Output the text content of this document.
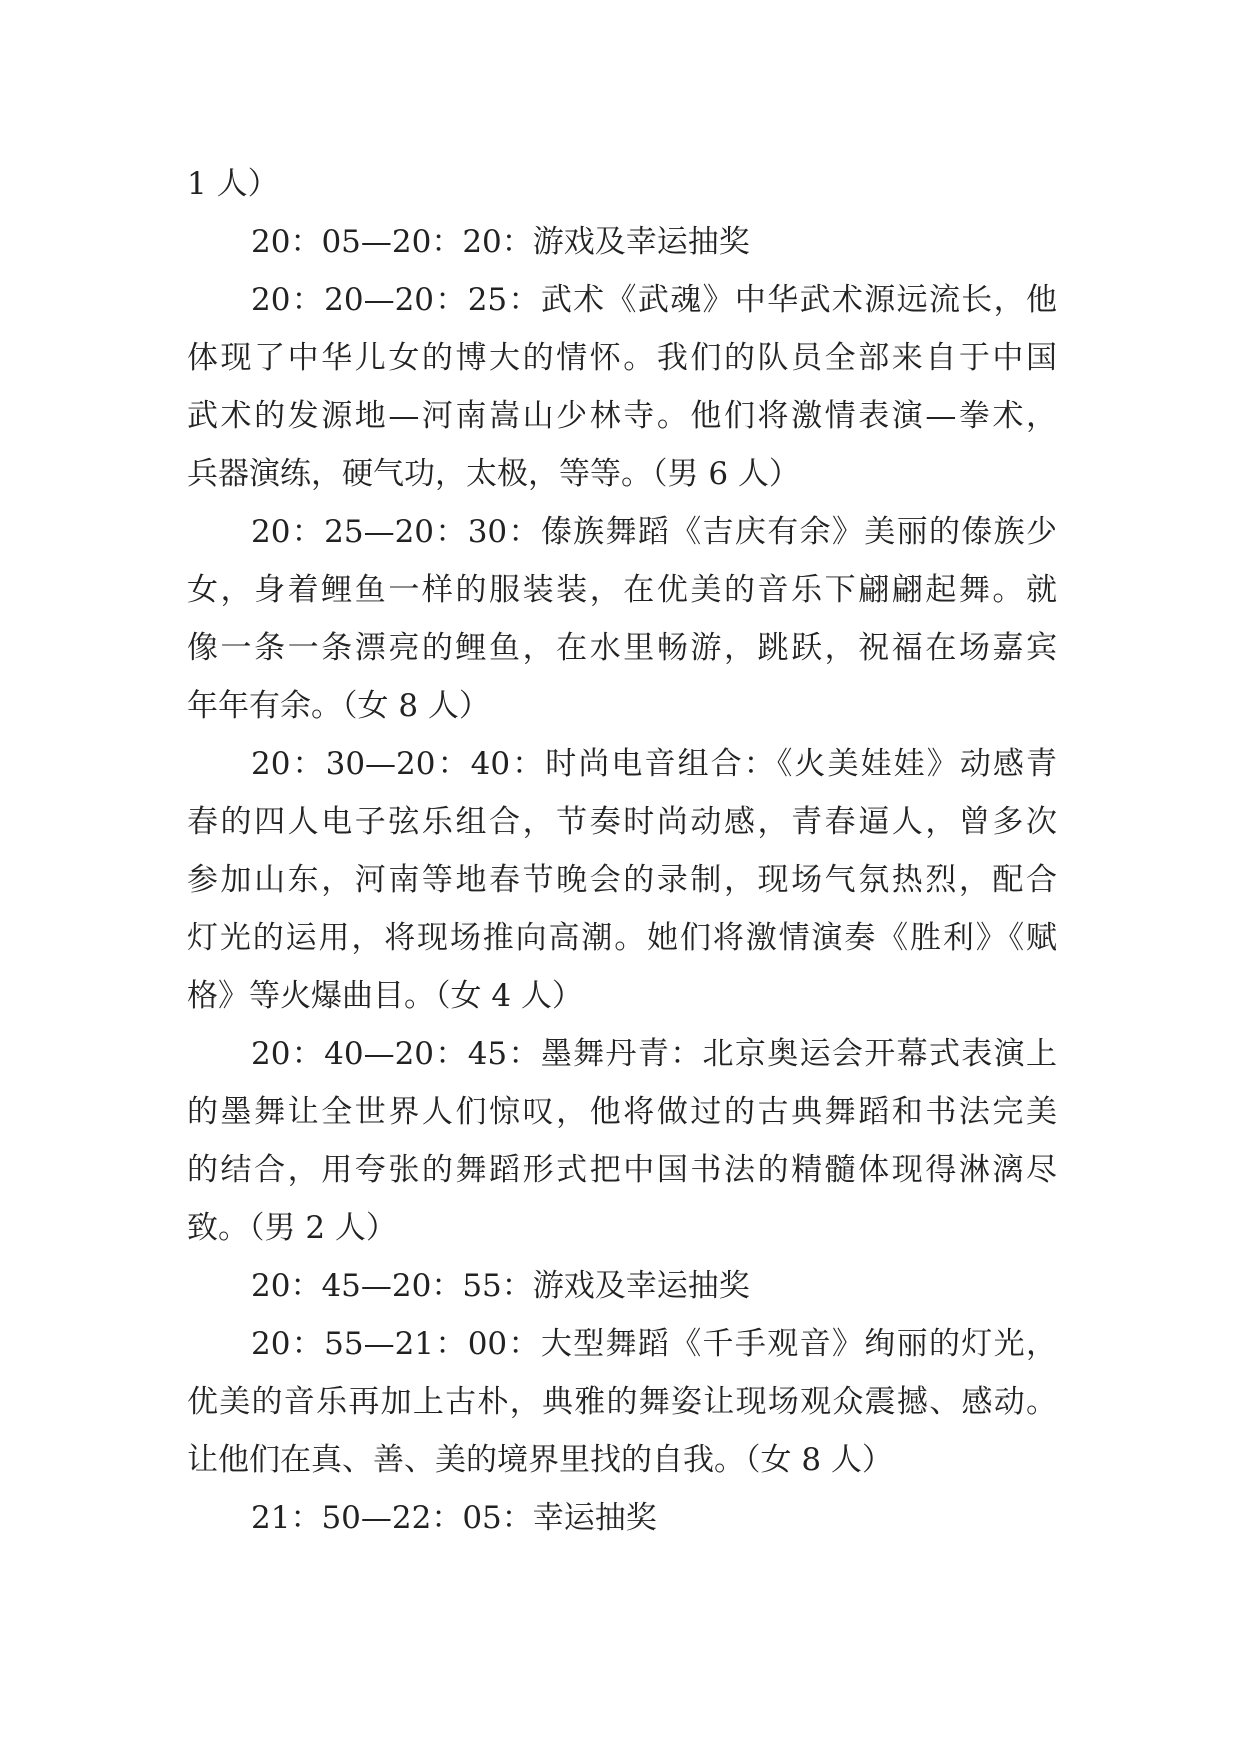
1 人）
20：05—20：20：游戏及幸运抽奖
20：20—20：25：武术《武魂》中华武术源远流长，他
体现了中华儿女的博大的情怀。我们的队员全部来自于中国
武术的发源地—河南嵩山少林寺。他们将激情表演—拳术，
兵器演练，硬气功，太极，等等。（男 6 人）
20：25—20：30：傣族舞蹈《吉庆有余》美丽的傣族少
女，身着鲤鱼一样的服装装，在优美的音乐下翩翩起舞。就
像一条一条漂亮的鲤鱼，在水里畅游，跳跃，祝福在场嘉宾
年年有余。（女 8 人）
20：30—20：40：时尚电音组合：《火美娃娃》动感青
春的四人电子弦乐组合，节奏时尚动感，青春逼人，曾多次
参加山东，河南等地春节晚会的录制，现场气氛热烈，配合
灯光的运用，将现场推向高潮。她们将激情演奏《胜利》《赋
格》等火爆曲目。（女 4 人）
20：40—20：45：墨舞丹青：北京奥运会开幕式表演上
的墨舞让全世界人们惊叹，他将做过的古典舞蹈和书法完美
的结合，用夸张的舞蹈形式把中国书法的精髓体现得淋漓尽
致。（男 2 人）
20：45—20：55：游戏及幸运抽奖
20：55—21：00：大型舞蹈《千手观音》绚丽的灯光，
优美的音乐再加上古朴，典雅的舞姿让现场观众震撼、感动。
让他们在真、善、美的境界里找的自我。（女 8 人）
21：50—22：05：幸运抽奖
